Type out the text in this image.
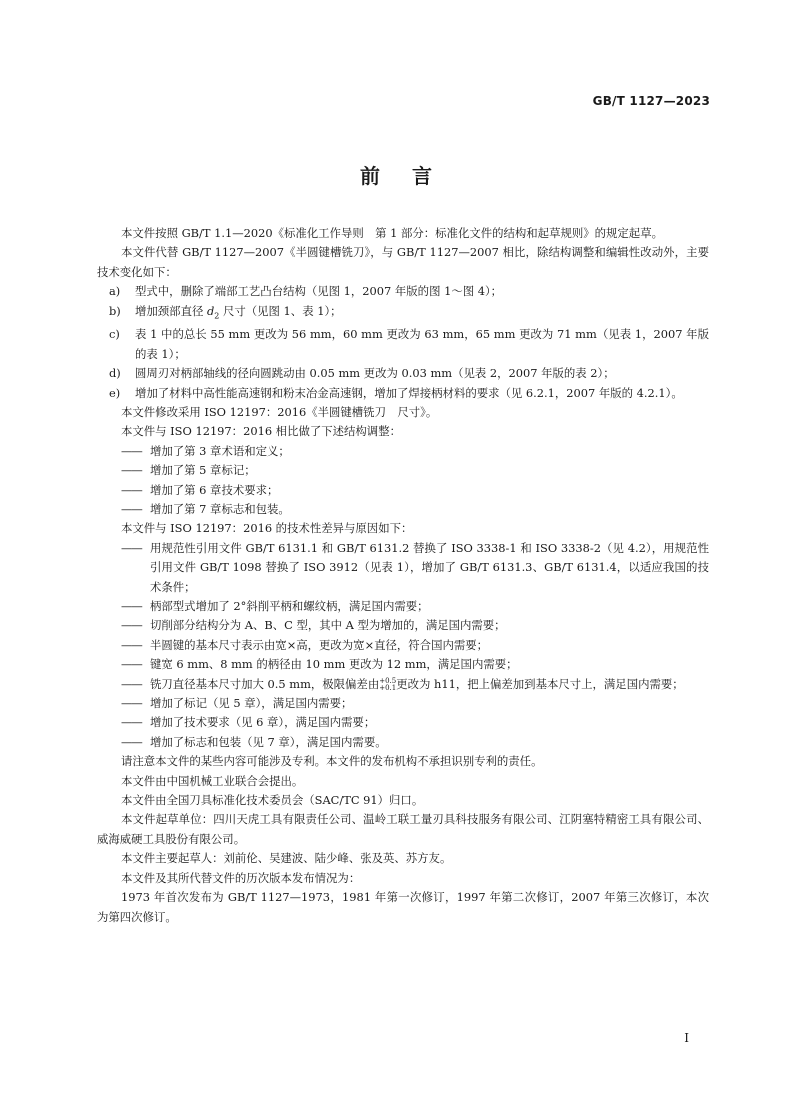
GB/T 1127—2023
前言

本文件按照 GB/T 1.1—2020《标准化工作导则　第 1 部分：标准化文件的结构和起草规则》的规定起草。

本文件代替 GB/T 1127—2007《半圆键槽铣刀》，与 GB/T 1127—2007 相比，除结构调整和编辑性改动外，主要技术变化如下：

a) 型式中，删除了端部工艺凸台结构（见图 1，2007 年版的图 1～图 4）；

b) 增加颈部直径 $d_2$ 尺寸（见图 1、表 1）；

c) 表 1 中的总长 55 mm 更改为 56 mm，60 mm 更改为 63 mm，65 mm 更改为 71 mm（见表 1，2007 年版的表 1）；

d) 圆周刃对柄部轴线的径向圆跳动由 0.05 mm 更改为 0.03 mm（见表 2，2007 年版的表 2）；

e) 增加了材料中高性能高速钢和粉末冶金高速钢，增加了焊接柄材料的要求（见 6.2.1，2007 年版的 4.2.1）。

本文件修改采用 ISO 12197：2016《半圆键槽铣刀　尺寸》。

本文件与 ISO 12197：2016 相比做了下述结构调整：

—— 增加了第 3 章术语和定义；

—— 增加了第 5 章标记；

—— 增加了第 6 章技术要求；

—— 增加了第 7 章标志和包装。

本文件与 ISO 12197：2016 的技术性差异与原因如下：

—— 用规范性引用文件 GB/T 6131.1 和 GB/T 6131.2 替换了 ISO 3338-1 和 ISO 3338-2（见 4.2），用规范性引用文件 GB/T 1098 替换了 ISO 3912（见表 1），增加了 GB/T 6131.3、GB/T 6131.4，以适应我国的技术条件；

—— 柄部型式增加了 2°斜削平柄和螺纹柄，满足国内需要；

—— 切削部分结构分为 A、B、C 型，其中 A 型为增加的，满足国内需要；

—— 半圆键的基本尺寸表示由宽×高，更改为宽×直径，符合国内需要；

—— 键宽 6 mm、8 mm 的柄径由 10 mm 更改为 12 mm，满足国内需要；

—— 铣刀直径基本尺寸加大 0.5 mm，极限偏差由 +0.5
+0.1 更改为 h11，把上偏差加到基本尺寸上，满足国内需要；

—— 增加了标记（见 5 章），满足国内需要；

—— 增加了技术要求（见 6 章），满足国内需要；

—— 增加了标志和包装（见 7 章），满足国内需要。

请注意本文件的某些内容可能涉及专利。本文件的发布机构不承担识别专利的责任。

本文件由中国机械工业联合会提出。

本文件由全国刀具标准化技术委员会（SAC/TC 91）归口。

本文件起草单位：四川天虎工具有限责任公司、温岭工联工量刃具科技服务有限公司、江阴塞特精密工具有限公司、威海威硬工具股份有限公司。

本文件主要起草人：刘前伦、吴建波、陆少峰、张及英、苏方友。

本文件及其所代替文件的历次版本发布情况为：

1973 年首次发布为 GB/T 1127—1973，1981 年第一次修订，1997 年第二次修订，2007 年第三次修订，本次为第四次修订。

I
